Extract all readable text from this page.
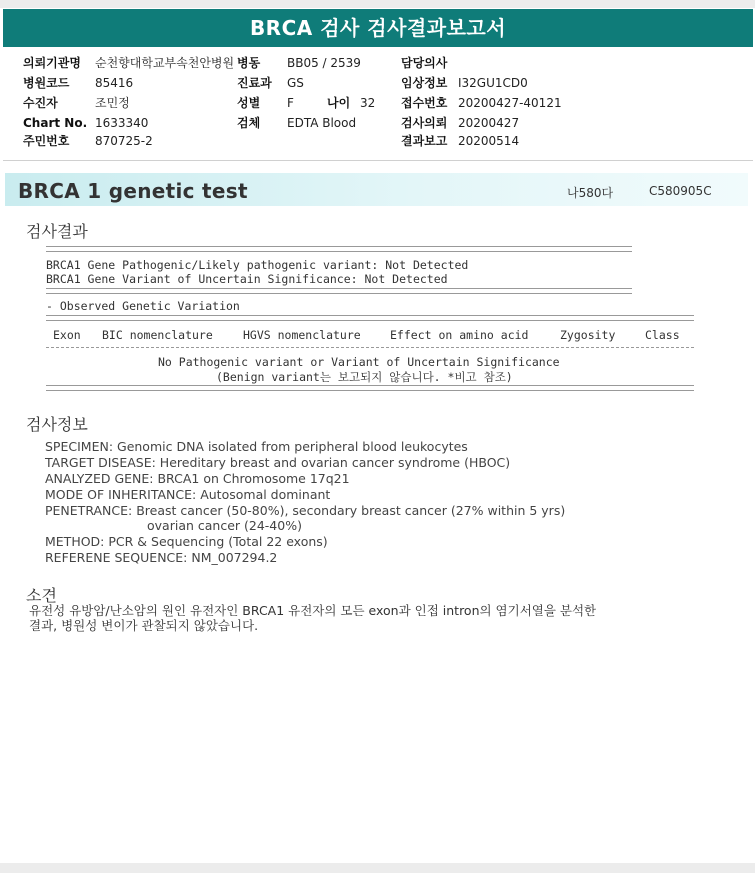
BRCA 검사 검사결과보고서
의뢰기관명 순천향대학교부속천안병원 병동 BB05 / 2539	담당의사
병원코드 85416	진료과 GS	임상정보 I32GU1CD0
수진자	조민정	성별 F	나이 32 접수번호 20200427-40121
Chart No. 1633340	검체 EDTA Blood	검사의뢰 20200427
주민번호 870725-2	결과보고 20200514
BRCA 1 genetic test	나580다	C580905C
검사결과
BRCA1 Gene Pathogenic/Likely pathogenic variant: Not Detected
BRCA1 Gene Variant of Uncertain Significance: Not Detected
- Observed Genetic Variation
Exon BIC nomenclature	HGVS nomenclature	Effect on amino acid	Zygosity	Class
No Pathogenic variant or Variant of Uncertain Significance
(Benign variant는 보고되지 않습니다. *비고 참조)
검사정보
SPECIMEN: Genomic DNA isolated from peripheral blood leukocytes
TARGET DISEASE: Hereditary breast and ovarian cancer syndrome (HBOC)
ANALYZED GENE: BRCA1 on Chromosome 17q21
MODE OF INHERITANCE: Autosomal dominant
PENETRANCE: Breast cancer (50-80%), secondary breast cancer (27% within 5 yrs)
ovarian cancer (24-40%)
METHOD: PCR & Sequencing (Total 22 exons)
REFERENE SEQUENCE: NM_007294.2
소견
유전성 유방암/난소암의 원인 유전자인 BRCA1 유전자의 모든 exon과 인접 intron의 염기서열을 분석한
결과, 병원성 변이가 관찰되지 않았습니다.
